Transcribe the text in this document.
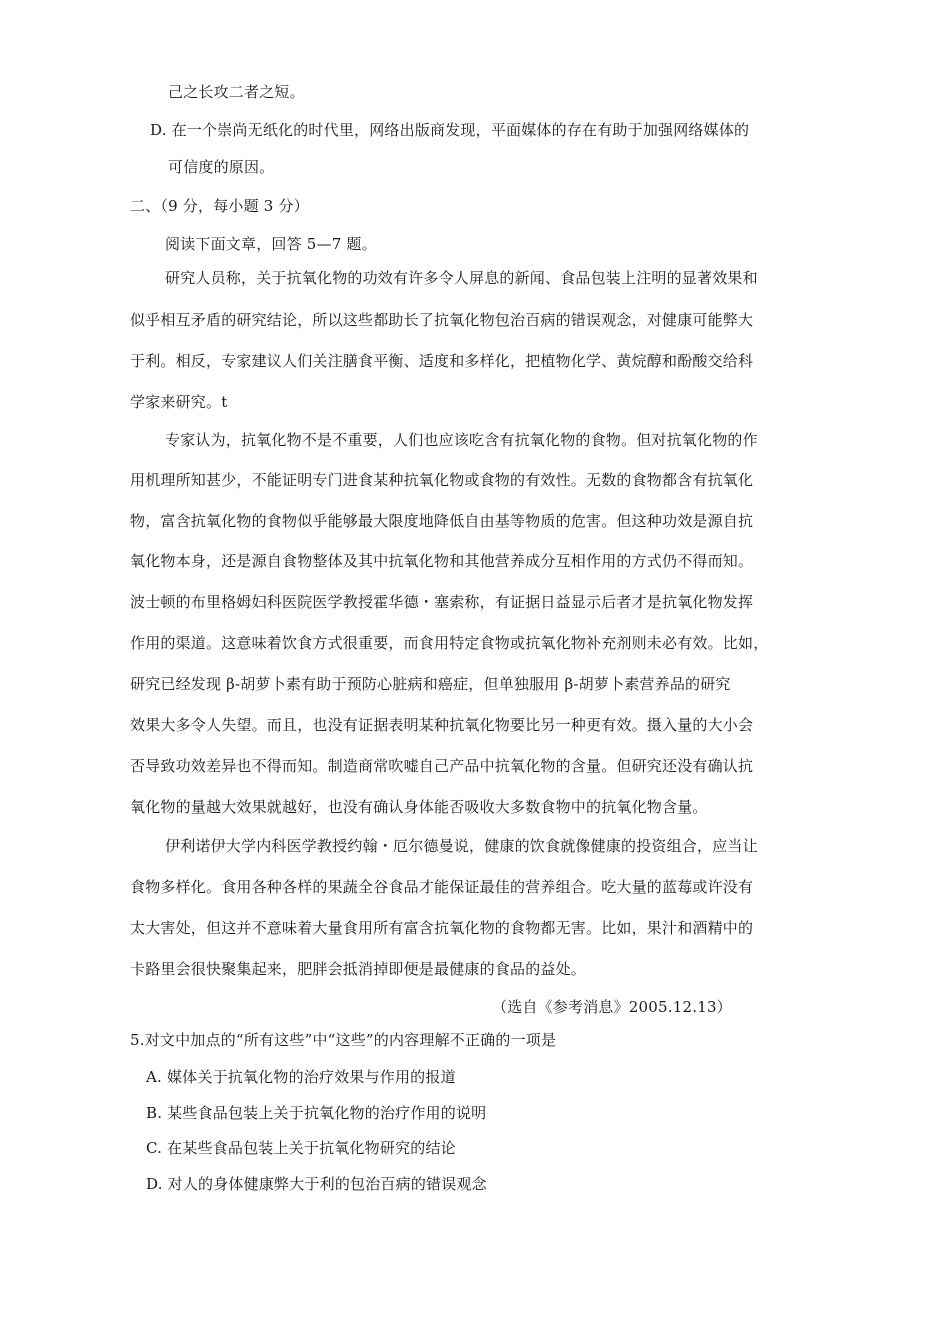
己之长攻二者之短。
D. 在一个崇尚无纸化的时代里，网络出版商发现，平面媒体的存在有助于加强网络媒体的
可信度的原因。
二、（9 分，每小题 3 分）
阅读下面文章，回答 5—7 题。
研究人员称，关于抗氧化物的功效有许多令人屏息的新闻、食品包装上注明的显著效果和
似乎相互矛盾的研究结论，所以这些都助长了抗氧化物包治百病的错误观念，对健康可能弊大
于利。相反，专家建议人们关注膳食平衡、适度和多样化，把植物化学、黄烷醇和酚酸交给科
学家来研究。t
专家认为，抗氧化物不是不重要，人们也应该吃含有抗氧化物的食物。但对抗氧化物的作
用机理所知甚少，不能证明专门进食某种抗氧化物或食物的有效性。无数的食物都含有抗氧化
物，富含抗氧化物的食物似乎能够最大限度地降低自由基等物质的危害。但这种功效是源自抗
氧化物本身，还是源自食物整体及其中抗氧化物和其他营养成分互相作用的方式仍不得而知。
波士顿的布里格姆妇科医院医学教授霍华德・塞索称，有证据日益显示后者才是抗氧化物发挥
作用的渠道。这意味着饮食方式很重要，而食用特定食物或抗氧化物补充剂则未必有效。比如，
研究已经发现 β-胡萝卜素有助于预防心脏病和癌症，但单独服用 β-胡萝卜素营养品的研究
效果大多令人失望。而且，也没有证据表明某种抗氧化物要比另一种更有效。摄入量的大小会
否导致功效差异也不得而知。制造商常吹嘘自己产品中抗氧化物的含量。但研究还没有确认抗
氧化物的量越大效果就越好，也没有确认身体能否吸收大多数食物中的抗氧化物含量。
伊利诺伊大学内科医学教授约翰・厄尔德曼说，健康的饮食就像健康的投资组合，应当让
食物多样化。食用各种各样的果蔬全谷食品才能保证最佳的营养组合。吃大量的蓝莓或许没有
太大害处，但这并不意味着大量食用所有富含抗氧化物的食物都无害。比如，果汁和酒精中的
卡路里会很快聚集起来，肥胖会抵消掉即便是最健康的食品的益处。
（选自《参考消息》2005.12.13）
5.对文中加点的“所有这些”中“这些”的内容理解不正确的一项是
A. 媒体关于抗氧化物的治疗效果与作用的报道
B. 某些食品包装上关于抗氧化物的治疗作用的说明
C. 在某些食品包装上关于抗氧化物研究的结论
D. 对人的身体健康弊大于利的包治百病的错误观念
